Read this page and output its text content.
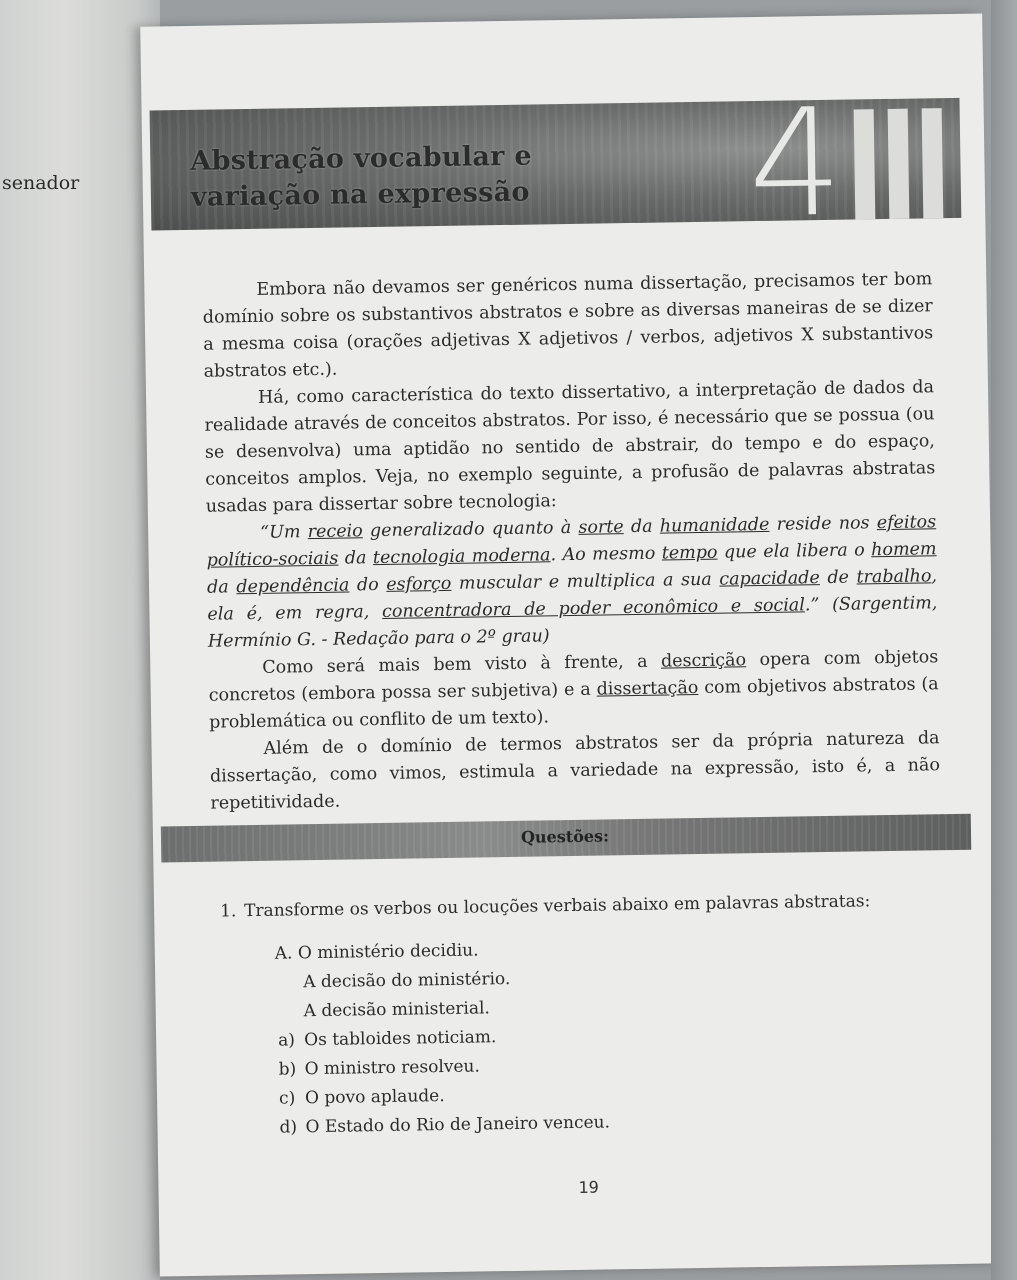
senador
Abstração vocabular e
variação na expressão 4

Embora não devamos ser genéricos numa dissertação, precisamos ter bom domínio sobre os substantivos abstratos e sobre as diversas maneiras de se dizer a mesma coisa (orações adjetivas X adjetivos / verbos, adjetivos X substantivos abstratos etc.).

Há, como característica do texto dissertativo, a interpretação de dados da realidade através de conceitos abstratos. Por isso, é necessário que se possua (ou se desenvolva) uma aptidão no sentido de abstrair, do tempo e do espaço, conceitos amplos. Veja, no exemplo seguinte, a profusão de palavras abstratas usadas para dissertar sobre tecnologia:

“Um receio generalizado quanto à sorte da humanidade reside nos efeitos político-sociais da tecnologia moderna. Ao mesmo tempo que ela libera o homem da dependência do esforço muscular e multiplica a sua capacidade de trabalho, ela é, em regra, concentradora de poder econômico e social.” (Sargentim, Hermínio G. - Redação para o 2º grau)

Como será mais bem visto à frente, a descrição opera com objetos concretos (embora possa ser subjetiva) e a dissertação com objetivos abstratos (a problemática ou conflito de um texto).

Além de o domínio de termos abstratos ser da própria natureza da dissertação, como vimos, estimula a variedade na expressão, isto é, a não repetitividade.

Questões:
1. Transforme os verbos ou locuções verbais abaixo em palavras abstratas:
A. O ministério decidiu.
A decisão do ministério.
A decisão ministerial.
a) Os tabloides noticiam.
b) O ministro resolveu.
c) O povo aplaude.
d) O Estado do Rio de Janeiro venceu.
19
